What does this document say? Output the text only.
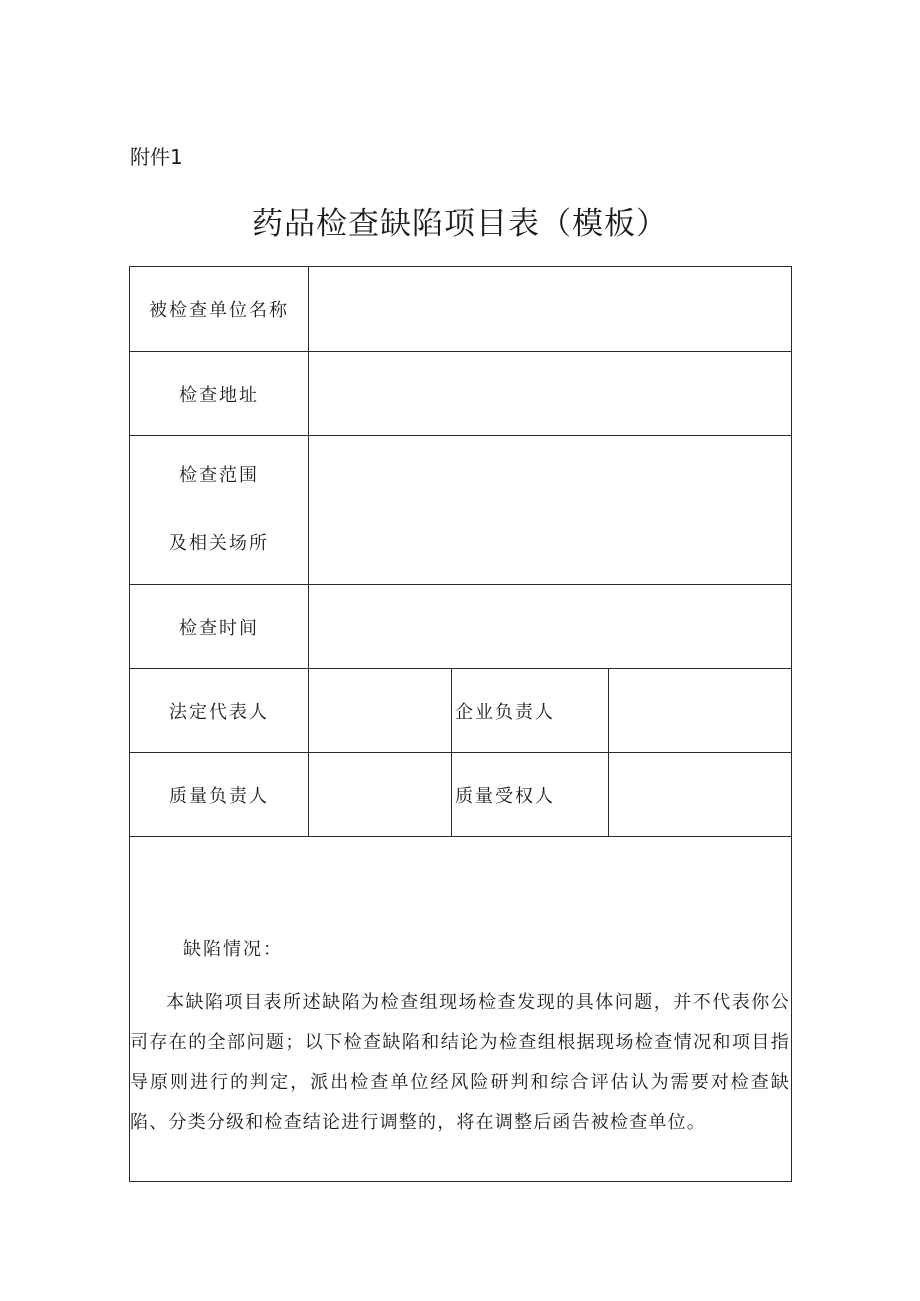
附件1
药品检查缺陷项目表（模板）
被检查单位名称			
检查地址			

检查范围
及相关场所			

检查时间			
法定代表人		企业负责人	
质量负责人		质量受权人	

缺陷情况：
本缺陷项目表所述缺陷为检查组现场检查发现的具体问题，并不代表你公司存在的全部问题；以下检查缺陷和结论为检查组根据现场检查情况和项目指导原则进行的判定，派出检查单位经风险研判和综合评估认为需要对检查缺陷、分类分级和检查结论进行调整的，将在调整后函告被检查单位。			
